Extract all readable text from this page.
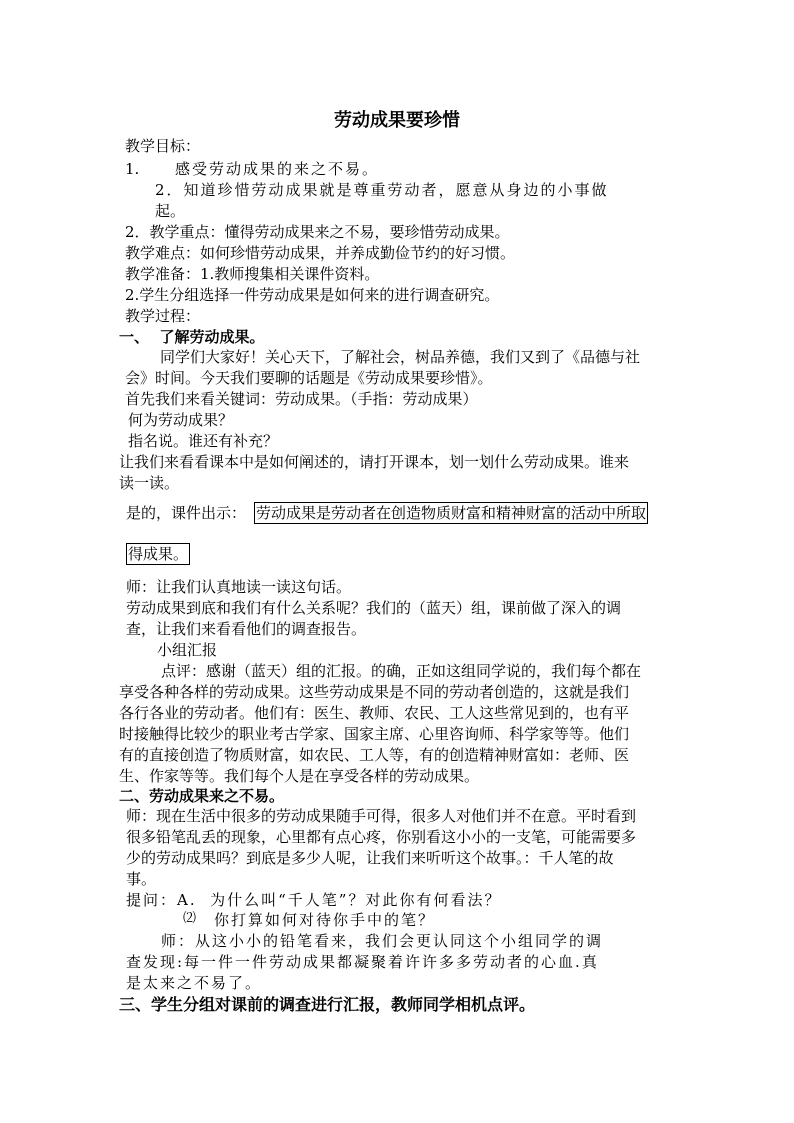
劳动成果要珍惜
教学目标：
1. 感受劳动成果的来之不易。
2．知道珍惜劳动成果就是尊重劳动者，愿意从身边的小事做
起。
2．教学重点：懂得劳动成果来之不易，要珍惜劳动成果。
教学难点：如何珍惜劳动成果，并养成勤俭节约的好习惯。
教学准备：1.教师搜集相关课件资料。
2.学生分组选择一件劳动成果是如何来的进行调查研究。
教学过程：
一、  了解劳动成果。
同学们大家好！关心天下，了解社会，树品养德，我们又到了《品德与社
会》时间。今天我们要聊的话题是《劳动成果要珍惜》。
首先我们来看关键词：劳动成果。（手指：劳动成果）
何为劳动成果？
指名说。谁还有补充？
让我们来看看课本中是如何阐述的，请打开课本，划一划什么劳动成果。谁来
读一读。
是的，课件出示： 劳动成果是劳动者在创造物质财富和精神财富的活动中所取
得成果。
师：让我们认真地读一读这句话。
劳动成果到底和我们有什么关系呢？我们的（蓝天）组，课前做了深入的调
查，让我们来看看他们的调查报告。
小组汇报
点评：感谢（蓝天）组的汇报。的确，正如这组同学说的，我们每个都在
享受各种各样的劳动成果。这些劳动成果是不同的劳动者创造的，这就是我们
各行各业的劳动者。他们有：医生、教师、农民、工人这些常见到的，也有平
时接触得比较少的职业考古学家、国家主席、心里咨询师、科学家等等。他们
有的直接创造了物质财富，如农民、工人等，有的创造精神财富如：老师、医
生、作家等等。我们每个人是在享受各样的劳动成果。
二、劳动成果来之不易。
师：现在生活中很多的劳动成果随手可得，很多人对他们并不在意。平时看到
很多铅笔乱丢的现象，心里都有点心疼，你别看这小小的一支笔，可能需要多
少的劳动成果吗？到底是多少人呢，让我们来听听这个故事。：千人笔的故
事。
提问：A.  为什么叫“千人笔”？对此你有何看法？
⑵ 你打算如何对待你手中的笔？
师：从这小小的铅笔看来，我们会更认同这个小组同学的调
查发现:每一件一件劳动成果都凝聚着许许多多劳动者的心血.真
是太来之不易了。
三、学生分组对课前的调查进行汇报，教师同学相机点评。
